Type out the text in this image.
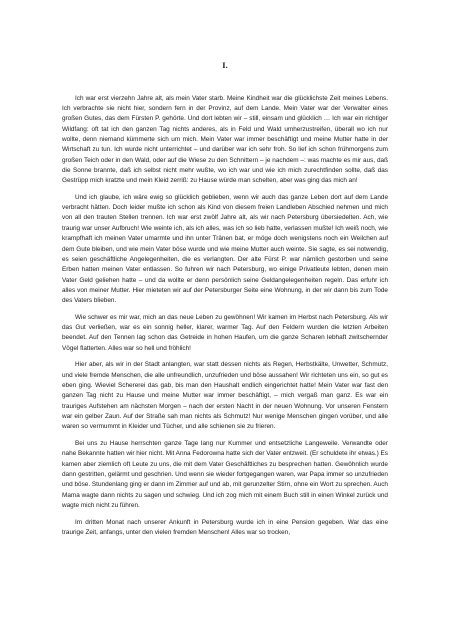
I.

Ich war erst vierzehn Jahre alt, als mein Vater starb. Meine Kindheit war die glücklichste Zeit meines Lebens. Ich verbrachte sie nicht hier, sondern fern in der Provinz, auf dem Lande. Mein Vater war der Verwalter eines großen Gutes, das dem Fürsten P. gehörte. Und dort lebten wir – still, einsam und glücklich … Ich war ein richtiger Wildfang: oft tat ich den ganzen Tag nichts anderes, als in Feld und Wald umherzustreifen, überall wo ich nur wollte, denn niemand kümmerte sich um mich. Mein Vater war immer beschäftigt und meine Mutter hatte in der Wirtschaft zu tun. Ich wurde nicht unterrichtet – und darüber war ich sehr froh. So lief ich schon frühmorgens zum großen Teich oder in den Wald, oder auf die Wiese zu den Schnittern – je nachdem –: was machte es mir aus, daß die Sonne brannte, daß ich selbst nicht mehr wußte, wo ich war und wie ich mich zurechtfinden sollte, daß das Gestrüpp mich kratzte und mein Kleid zerriß: zu Hause würde man schelten, aber was ging das mich an!

Und ich glaube, ich wäre ewig so glücklich geblieben, wenn wir auch das ganze Leben dort auf dem Lande verbracht hätten. Doch leider mußte ich schon als Kind von diesem freien Landleben Abschied nehmen und mich von all den trauten Stellen trennen. Ich war erst zwölf Jahre alt, als wir nach Petersburg übersiedelten. Ach, wie traurig war unser Aufbruch! Wie weinte ich, als ich alles, was ich so lieb hatte, verlassen mußte! Ich weiß noch, wie krampfhaft ich meinen Vater umarmte und ihn unter Tränen bat, er möge doch wenigstens noch ein Weilchen auf dem Gute bleiben, und wie mein Vater böse wurde und wie meine Mutter auch weinte. Sie sagte, es sei notwendig, es seien geschäftliche Angelegenheiten, die es verlangten. Der alte Fürst P. war nämlich gestorben und seine Erben hatten meinen Vater entlassen. So fuhren wir nach Petersburg, wo einige Privatleute lebten, denen mein Vater Geld geliehen hatte – und da wollte er denn persönlich seine Geldangelegenheiten regeln. Das erfuhr ich alles von meiner Mutter. Hier mieteten wir auf der Petersburger Seite eine Wohnung, in der wir dann bis zum Tode des Vaters blieben.

Wie schwer es mir war, mich an das neue Leben zu gewöhnen! Wir kamen im Herbst nach Petersburg. Als wir das Gut verließen, war es ein sonnig heller, klarer, warmer Tag. Auf den Feldern wurden die letzten Arbeiten beendet. Auf den Tennen lag schon das Getreide in hohen Haufen, um die ganze Scharen lebhaft zwitschernder Vögel flatterten. Alles war so hell und fröhlich!

Hier aber, als wir in der Stadt anlangten, war statt dessen nichts als Regen, Herbstkälte, Unwetter, Schmutz, und viele fremde Menschen, die alle unfreundlich, unzufrieden und böse aussahen! Wir richteten uns ein, so gut es eben ging. Wieviel Schererei das gab, bis man den Haushalt endlich eingerichtet hatte! Mein Vater war fast den ganzen Tag nicht zu Hause und meine Mutter war immer beschäftigt, – mich vergaß man ganz. Es war ein trauriges Aufstehen am nächsten Morgen – nach der ersten Nacht in der neuen Wohnung. Vor unseren Fenstern war ein gelber Zaun. Auf der Straße sah man nichts als Schmutz! Nur wenige Menschen gingen vorüber, und alle waren so vermummt in Kleider und Tücher, und alle schienen sie zu frieren.

Bei uns zu Hause herrschten ganze Tage lang nur Kummer und entsetzliche Langeweile. Verwandte oder nahe Bekannte hatten wir hier nicht. Mit Anna Fedorowna hatte sich der Vater entzweit. (Er schuldete ihr etwas.) Es kamen aber ziemlich oft Leute zu uns, die mit dem Vater Geschäftliches zu besprechen hatten. Gewöhnlich wurde dann gestritten, gelärmt und geschrien. Und wenn sie wieder fortgegangen waren, war Papa immer so unzufrieden und böse. Stundenlang ging er dann im Zimmer auf und ab, mit gerunzelter Stirn, ohne ein Wort zu sprechen. Auch Mama wagte dann nichts zu sagen und schwieg. Und ich zog mich mit einem Buch still in einen Winkel zurück und wagte mich nicht zu führen.

Im dritten Monat nach unserer Ankunft in Petersburg wurde ich in eine Pension gegeben. War das eine traurige Zeit, anfangs, unter den vielen fremden Menschen! Alles war so trocken,
